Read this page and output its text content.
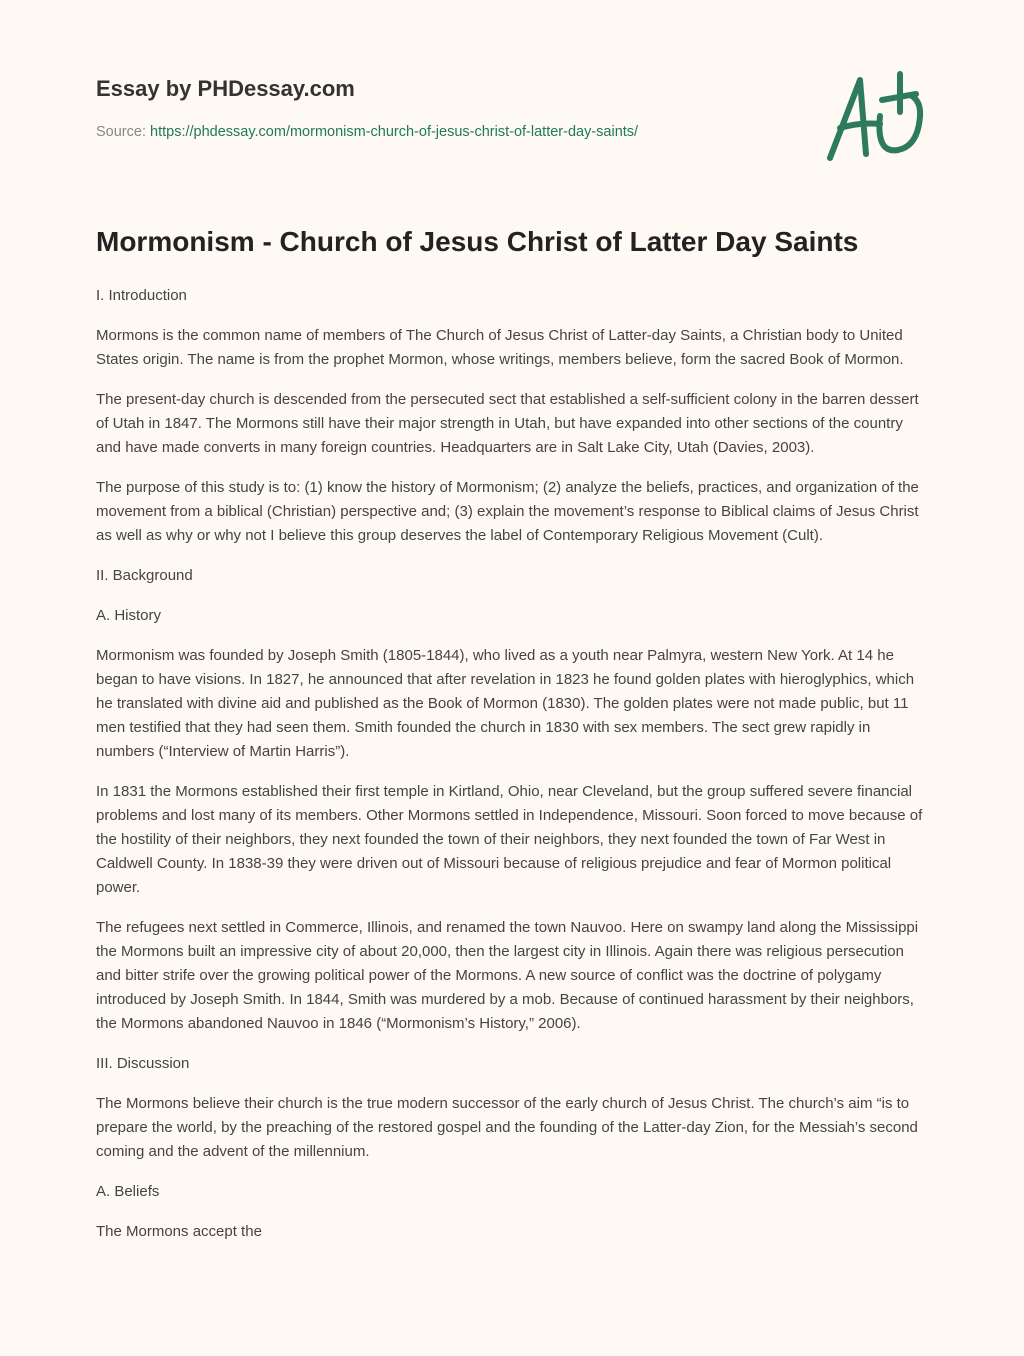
Essay by PHDessay.com
Source: https://phdessay.com/mormonism-church-of-jesus-christ-of-latter-day-saints/
Mormonism - Church of Jesus Christ of Latter Day Saints

I. Introduction

Mormons is the common name of members of The Church of Jesus Christ of Latter-day Saints, a Christian body to United States origin. The name is from the prophet Mormon, whose writings, members believe, form the sacred Book of Mormon.

The present-day church is descended from the persecuted sect that established a self-sufficient colony in the barren dessert of Utah in 1847. The Mormons still have their major strength in Utah, but have expanded into other sections of the country and have made converts in many foreign countries. Headquarters are in Salt Lake City, Utah (Davies, 2003).

The purpose of this study is to: (1) know the history of Mormonism; (2) analyze the beliefs, practices, and organization of the movement from a biblical (Christian) perspective and; (3) explain the movement’s response to Biblical claims of Jesus Christ as well as why or why not I believe this group deserves the label of Contemporary Religious Movement (Cult).

II. Background

A. History

Mormonism was founded by Joseph Smith (1805-1844), who lived as a youth near Palmyra, western New York. At 14 he began to have visions. In 1827, he announced that after revelation in 1823 he found golden plates with hieroglyphics, which he translated with divine aid and published as the Book of Mormon (1830). The golden plates were not made public, but 11 men testified that they had seen them. Smith founded the church in 1830 with sex members. The sect grew rapidly in numbers (“Interview of Martin Harris”).

In 1831 the Mormons established their first temple in Kirtland, Ohio, near Cleveland, but the group suffered severe financial problems and lost many of its members. Other Mormons settled in Independence, Missouri. Soon forced to move because of the hostility of their neighbors, they next founded the town of their neighbors, they next founded the town of Far West in Caldwell County. In 1838-39 they were driven out of Missouri because of religious prejudice and fear of Mormon political power.

The refugees next settled in Commerce, Illinois, and renamed the town Nauvoo. Here on swampy land along the Mississippi the Mormons built an impressive city of about 20,000, then the largest city in Illinois. Again there was religious persecution and bitter strife over the growing political power of the Mormons. A new source of conflict was the doctrine of polygamy introduced by Joseph Smith. In 1844, Smith was murdered by a mob. Because of continued harassment by their neighbors, the Mormons abandoned Nauvoo in 1846 (“Mormonism’s History,” 2006).

III. Discussion

The Mormons believe their church is the true modern successor of the early church of Jesus Christ. The church’s aim “is to prepare the world, by the preaching of the restored gospel and the founding of the Latter-day Zion, for the Messiah’s second coming and the advent of the millennium.

A. Beliefs

The Mormons accept the
